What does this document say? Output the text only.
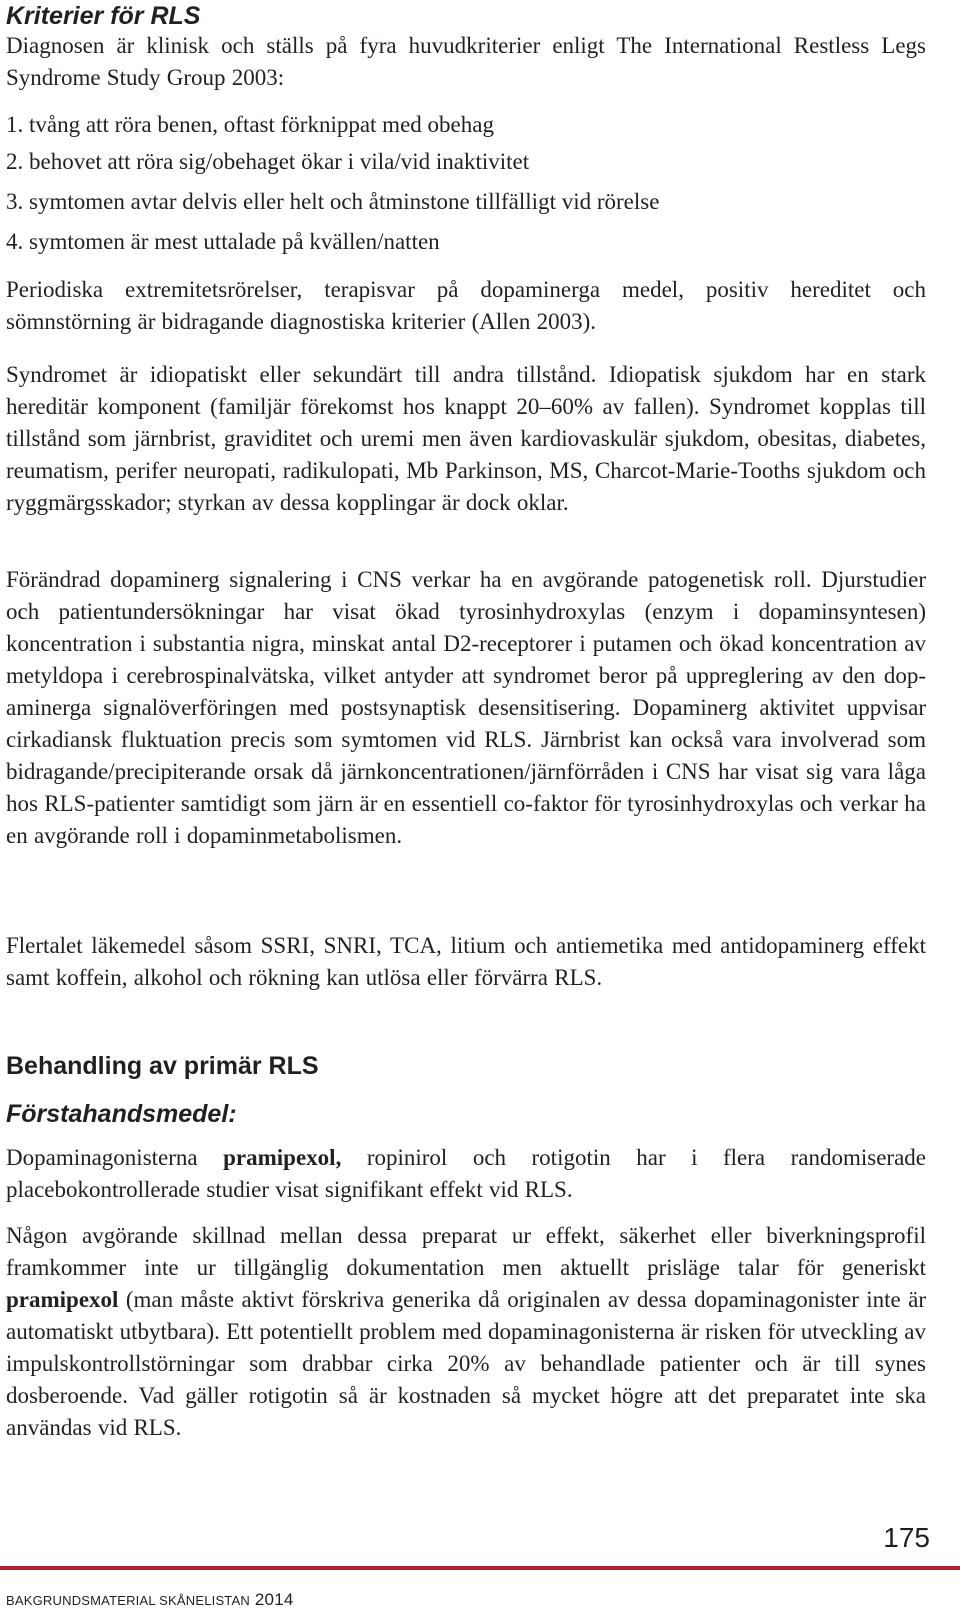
Kriterier för RLS
Diagnosen är klinisk och ställs på fyra huvudkriterier enligt The International Restless Legs Syndrome Study Group 2003:
1. tvång att röra benen, oftast förknippat med obehag
2. behovet att röra sig/obehaget ökar i vila/vid inaktivitet
3. symtomen avtar delvis eller helt och åtminstone tillfälligt vid rörelse
4. symtomen är mest uttalade på kvällen/natten
Periodiska extremitetsrörelser, terapisvar på dopaminerga medel, positiv hereditet och sömnstörning är bidragande diagnostiska kriterier (Allen 2003).
Syndromet är idiopatiskt eller sekundärt till andra tillstånd. Idiopatisk sjukdom har en stark hereditär komponent (familjär förekomst hos knappt 20–60% av fallen). Syndromet kopplas till tillstånd som järnbrist, graviditet och uremi men även kardiovaskulär sjukdom, obesitas, diabetes, reumatism, perifer neuropati, radikulopati, Mb Parkinson, MS, Charcot-Marie-Tooths sjukdom och ryggmärgsskador; styrkan av dessa kopplingar är dock oklar.
Förändrad dopaminerg signalering i CNS verkar ha en avgörande patogenetisk roll. Djurstudier och patientundersökningar har visat ökad tyrosinhydroxylas (enzym i dopaminsyntesen) koncentration i substantia nigra, minskat antal D2-receptorer i putamen och ökad koncentration av metyldopa i cerebrospinalvätska, vilket antyder att syndromet beror på uppreglering av den dopaminerga signalöverföringen med postsynaptisk desensitisering. Dopaminerg aktivitet uppvisar cirkadiansk fluktuation precis som symtomen vid RLS. Järnbrist kan också vara involverad som bidragande/precipiterande orsak då järnkoncentrationen/järnförråden i CNS har visat sig vara låga hos RLS-patienter samtidigt som järn är en essentiell co-faktor för tyrosinhydroxylas och verkar ha en avgörande roll i dopaminmetabolismen.
Flertalet läkemedel såsom SSRI, SNRI, TCA, litium och antiemetika med antidopaminerg effekt samt koffein, alkohol och rökning kan utlösa eller förvärra RLS.
Behandling av primär RLS
Förstahandsmedel:
Dopaminagonisterna pramipexol, ropinirol och rotigotin har i flera randomiserade placebokontrollerade studier visat signifikant effekt vid RLS.
Någon avgörande skillnad mellan dessa preparat ur effekt, säkerhet eller biverkningsprofil framkommer inte ur tillgänglig dokumentation men aktuellt prisläge talar för generiskt pramipexol (man måste aktivt förskriva generika då originalen av dessa dopaminagonister inte är automatiskt utbytbara). Ett potentiellt problem med dopaminagonisterna är risken för utveckling av impulskontrollstörningar som drabbar cirka 20% av behandlade patienter och är till synes dosberoende. Vad gäller rotigotin så är kostnaden så mycket högre att det preparatet inte ska användas vid RLS.
175
BAKGRUNDSMATERIAL SKÅNELISTAN 2014
